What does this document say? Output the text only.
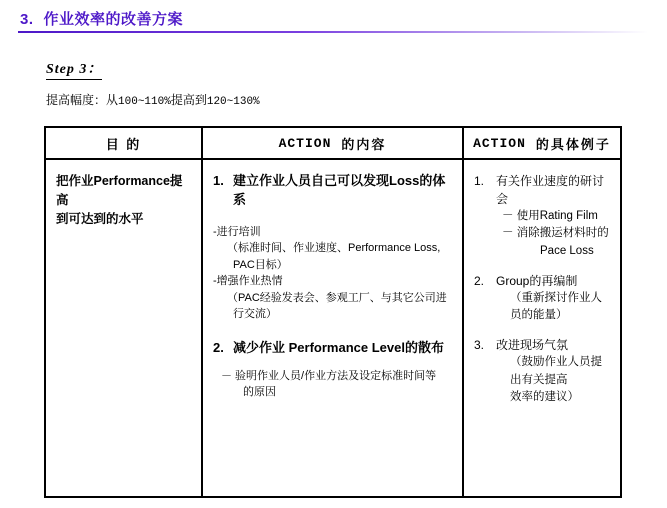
3. 作业效率的改善方案
Step 3：
提高幅度：从100~110%提高到120~130%
目 的	ACTION 的内容	ACTION 的具体例子
把作业Performance提高
到可达到的水平
1. 建立作业人员自己可以发现Loss的体系
-进行培训
（标准时间、作业速度、Performance Loss,
PAC目标）
-增强作业热情
（PAC经验发表会、参观工厂、与其它公司进
行交流）
2. 减少作业 Performance Level的散布
－ 验明作业人员/作业方法及设定标准时间等
的原因
1. 有关作业速度的研讨会
－ 使用Rating Film
－ 消除搬运材料时的
Pace Loss
2. Group的再编制
（重新探讨作业人员的能量）
3. 改进现场气氛
（鼓励作业人员提出有关提高
效率的建议）
